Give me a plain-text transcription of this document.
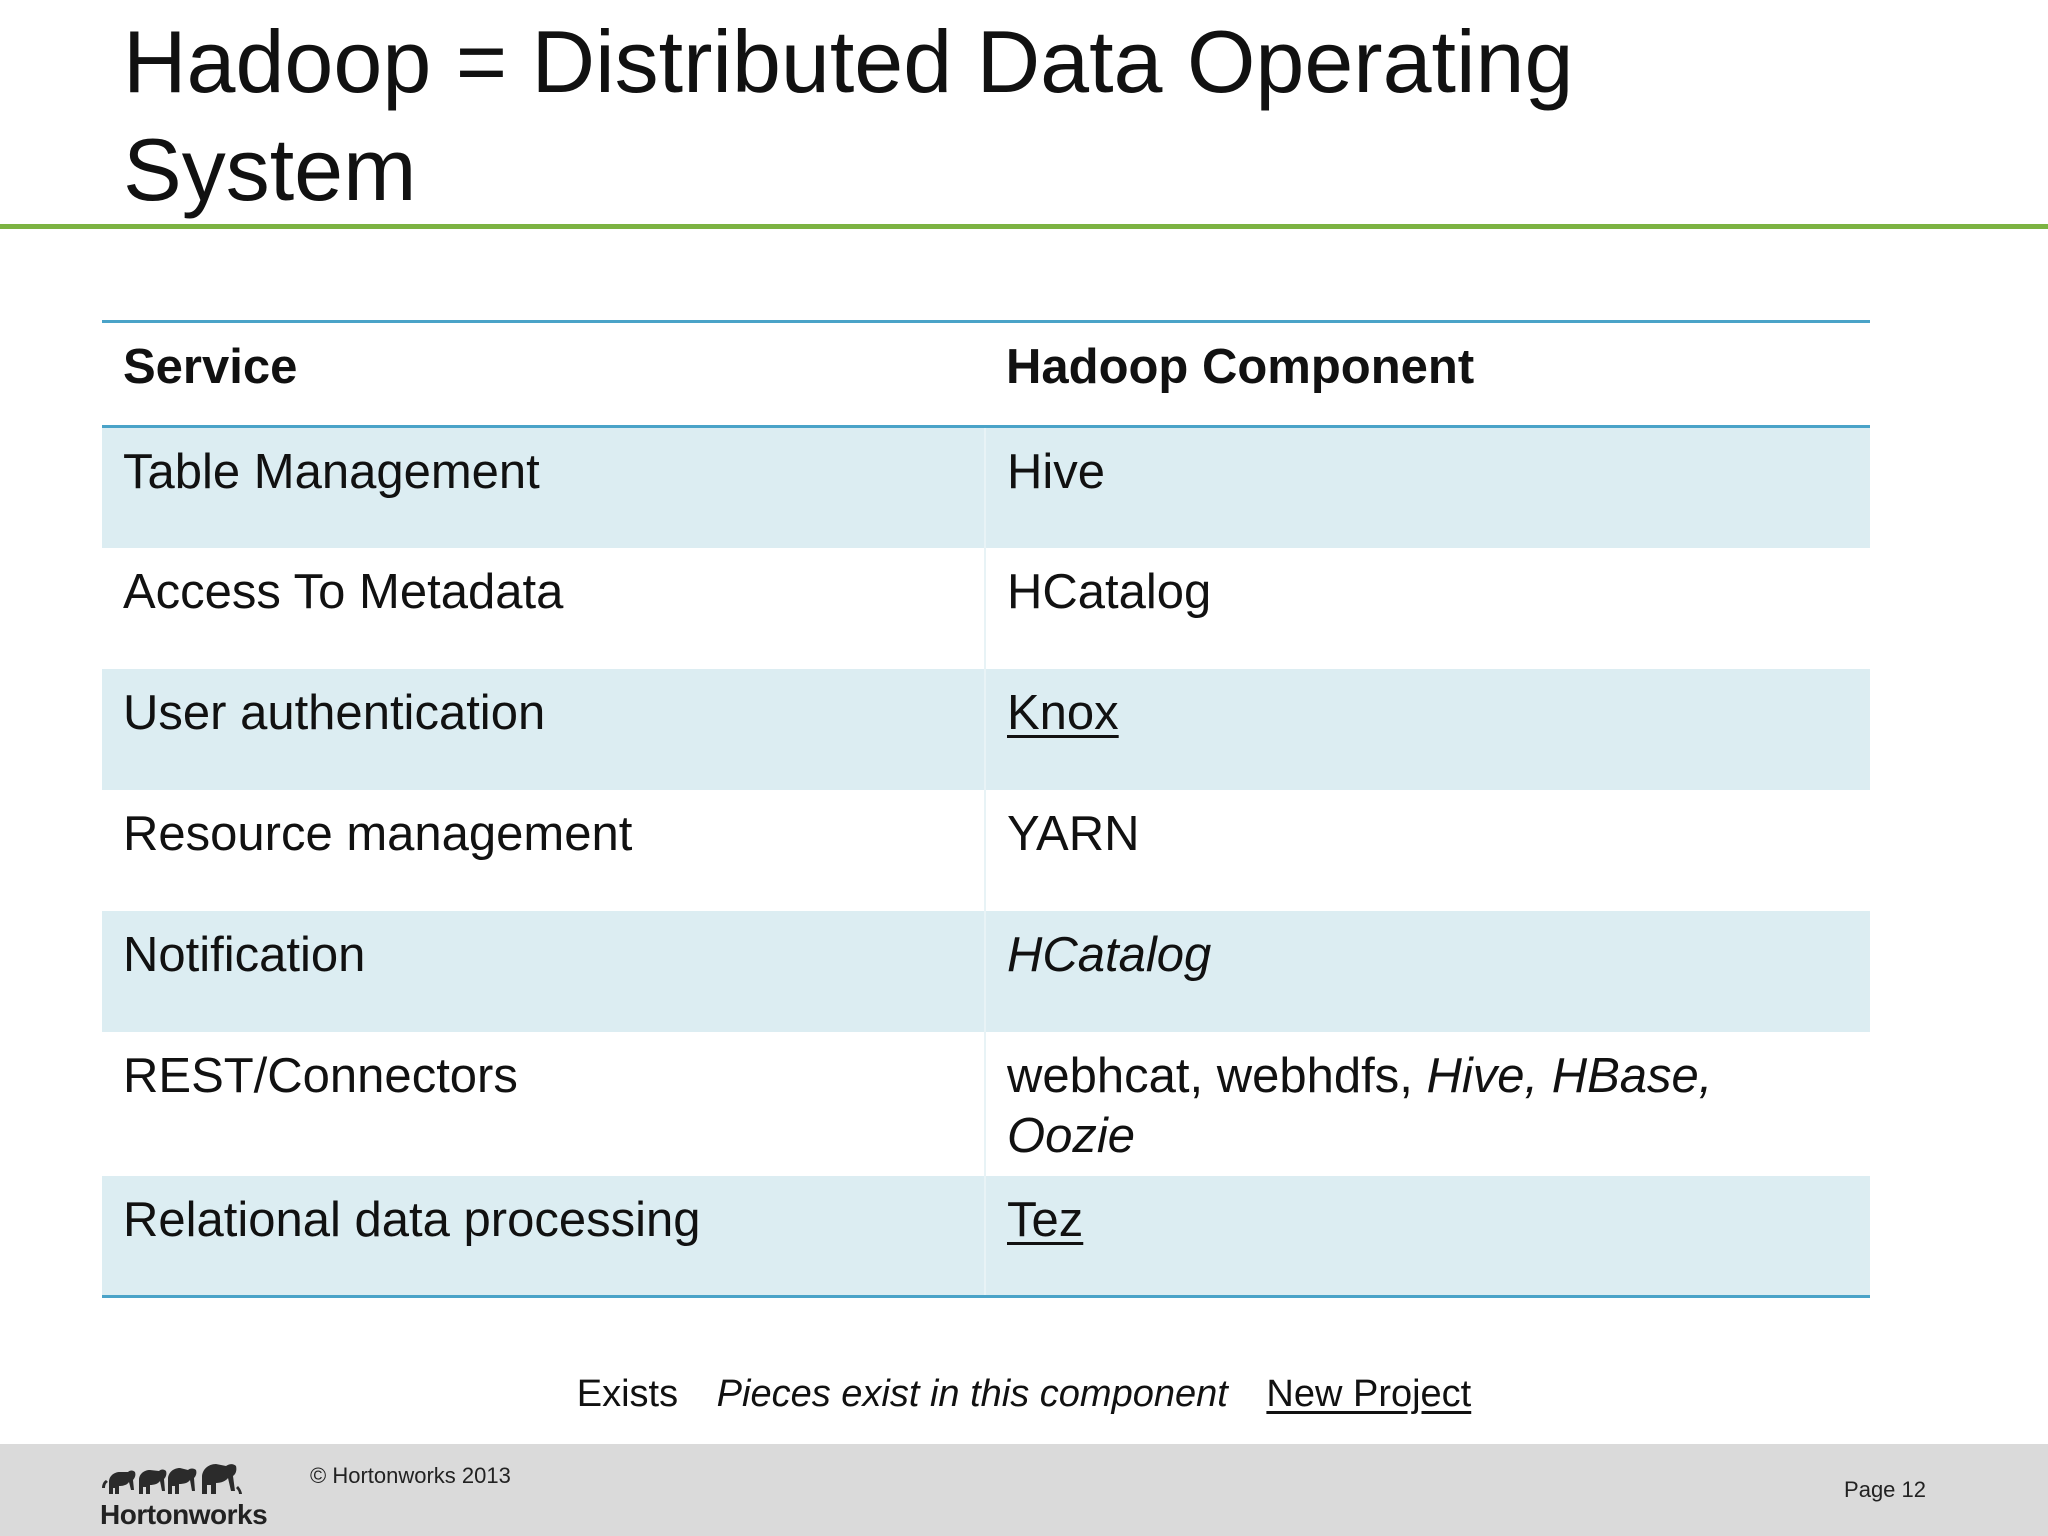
Hadoop = Distributed Data Operating System
Service	Hadoop Component
Table Management	Hive
Access To Metadata	HCatalog
User authentication	Knox
Resource management	YARN
Notification	HCatalog
REST/Connectors	webhcat, webhdfs, Hive, HBase, Oozie
Relational data processing	Tez
Exists Pieces exist in this component New Project
Hortonworks
© Hortonworks 2013
Page 12
